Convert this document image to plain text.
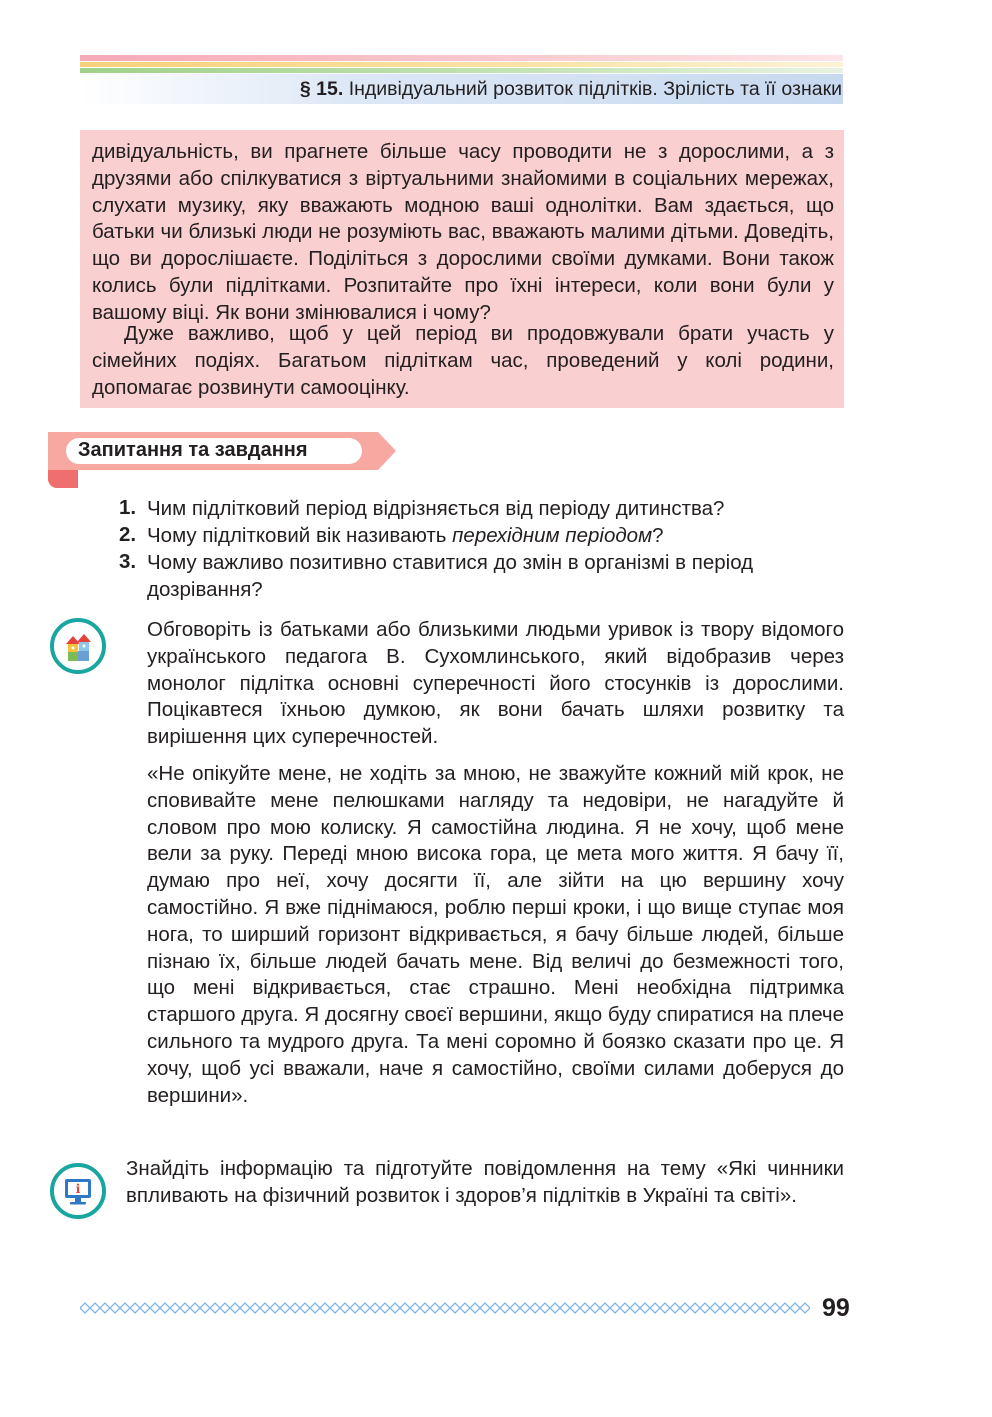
§ 15. Індивідуальний розвиток підлітків. Зрілість та її ознаки
дивідуальність, ви прагнете більше часу проводити не з дорослими, а з друзями або спілкуватися з віртуальними знайомими в соціальних мережах, слухати музику, яку вважають модною ваші однолітки. Вам здається, що батьки чи близькі люди не розуміють вас, вважають малими дітьми. Доведіть, що ви дорослішаєте. Поділіться з дорослими своїми думками. Вони також колись були підлітками. Розпитайте про їхні інтереси, коли вони були у вашому віці. Як вони змінювалися і чому?
Дуже важливо, щоб у цей період ви продовжували брати участь у сімейних подіях. Багатьом підліткам час, проведений у колі родини, допомагає розвинути самооцінку.
Запитання та завдання
1. Чим підлітковий період відрізняється від періоду дитинства?
2. Чому підлітковий вік називають перехідним періодом?
3. Чому важливо позитивно ставитися до змін в організмі в період дозрівання?
Обговоріть із батьками або близькими людьми уривок із твору відомого українського педагога В. Сухомлинського, який відобразив через монолог підлітка основні суперечності його стосунків із дорослими. Поцікавтеся їхньою думкою, як вони бачать шляхи розвитку та вирішення цих суперечностей.
«Не опікуйте мене, не ходіть за мною, не зважуйте кожний мій крок, не сповивайте мене пелюшками нагляду та недовіри, не нагадуйте й словом про мою колиску. Я самостійна людина. Я не хочу, щоб мене вели за руку. Переді мною висока гора, це мета мого життя. Я бачу її, думаю про неї, хочу досягти її, але зійти на цю вершину хочу самостійно. Я вже піднімаюся, роблю перші кроки, і що вище ступає моя нога, то ширший горизонт відкривається, я бачу більше людей, більше пізнаю їх, більше людей бачать мене. Від величі до безмежності того, що мені відкривається, стає страшно. Мені необхідна підтримка старшого друга. Я досягну своєї вершини, якщо буду спиратися на плече сильного та мудрого друга. Та мені соромно й боязко сказати про це. Я хочу, щоб усі вважали, наче я самостійно, своїми силами доберуся до вершини».
i
Знайдіть інформацію та підготуйте повідомлення на тему «Які чинники впливають на фізичний розвиток і здоров’я підлітків в Україні та світі».
99
